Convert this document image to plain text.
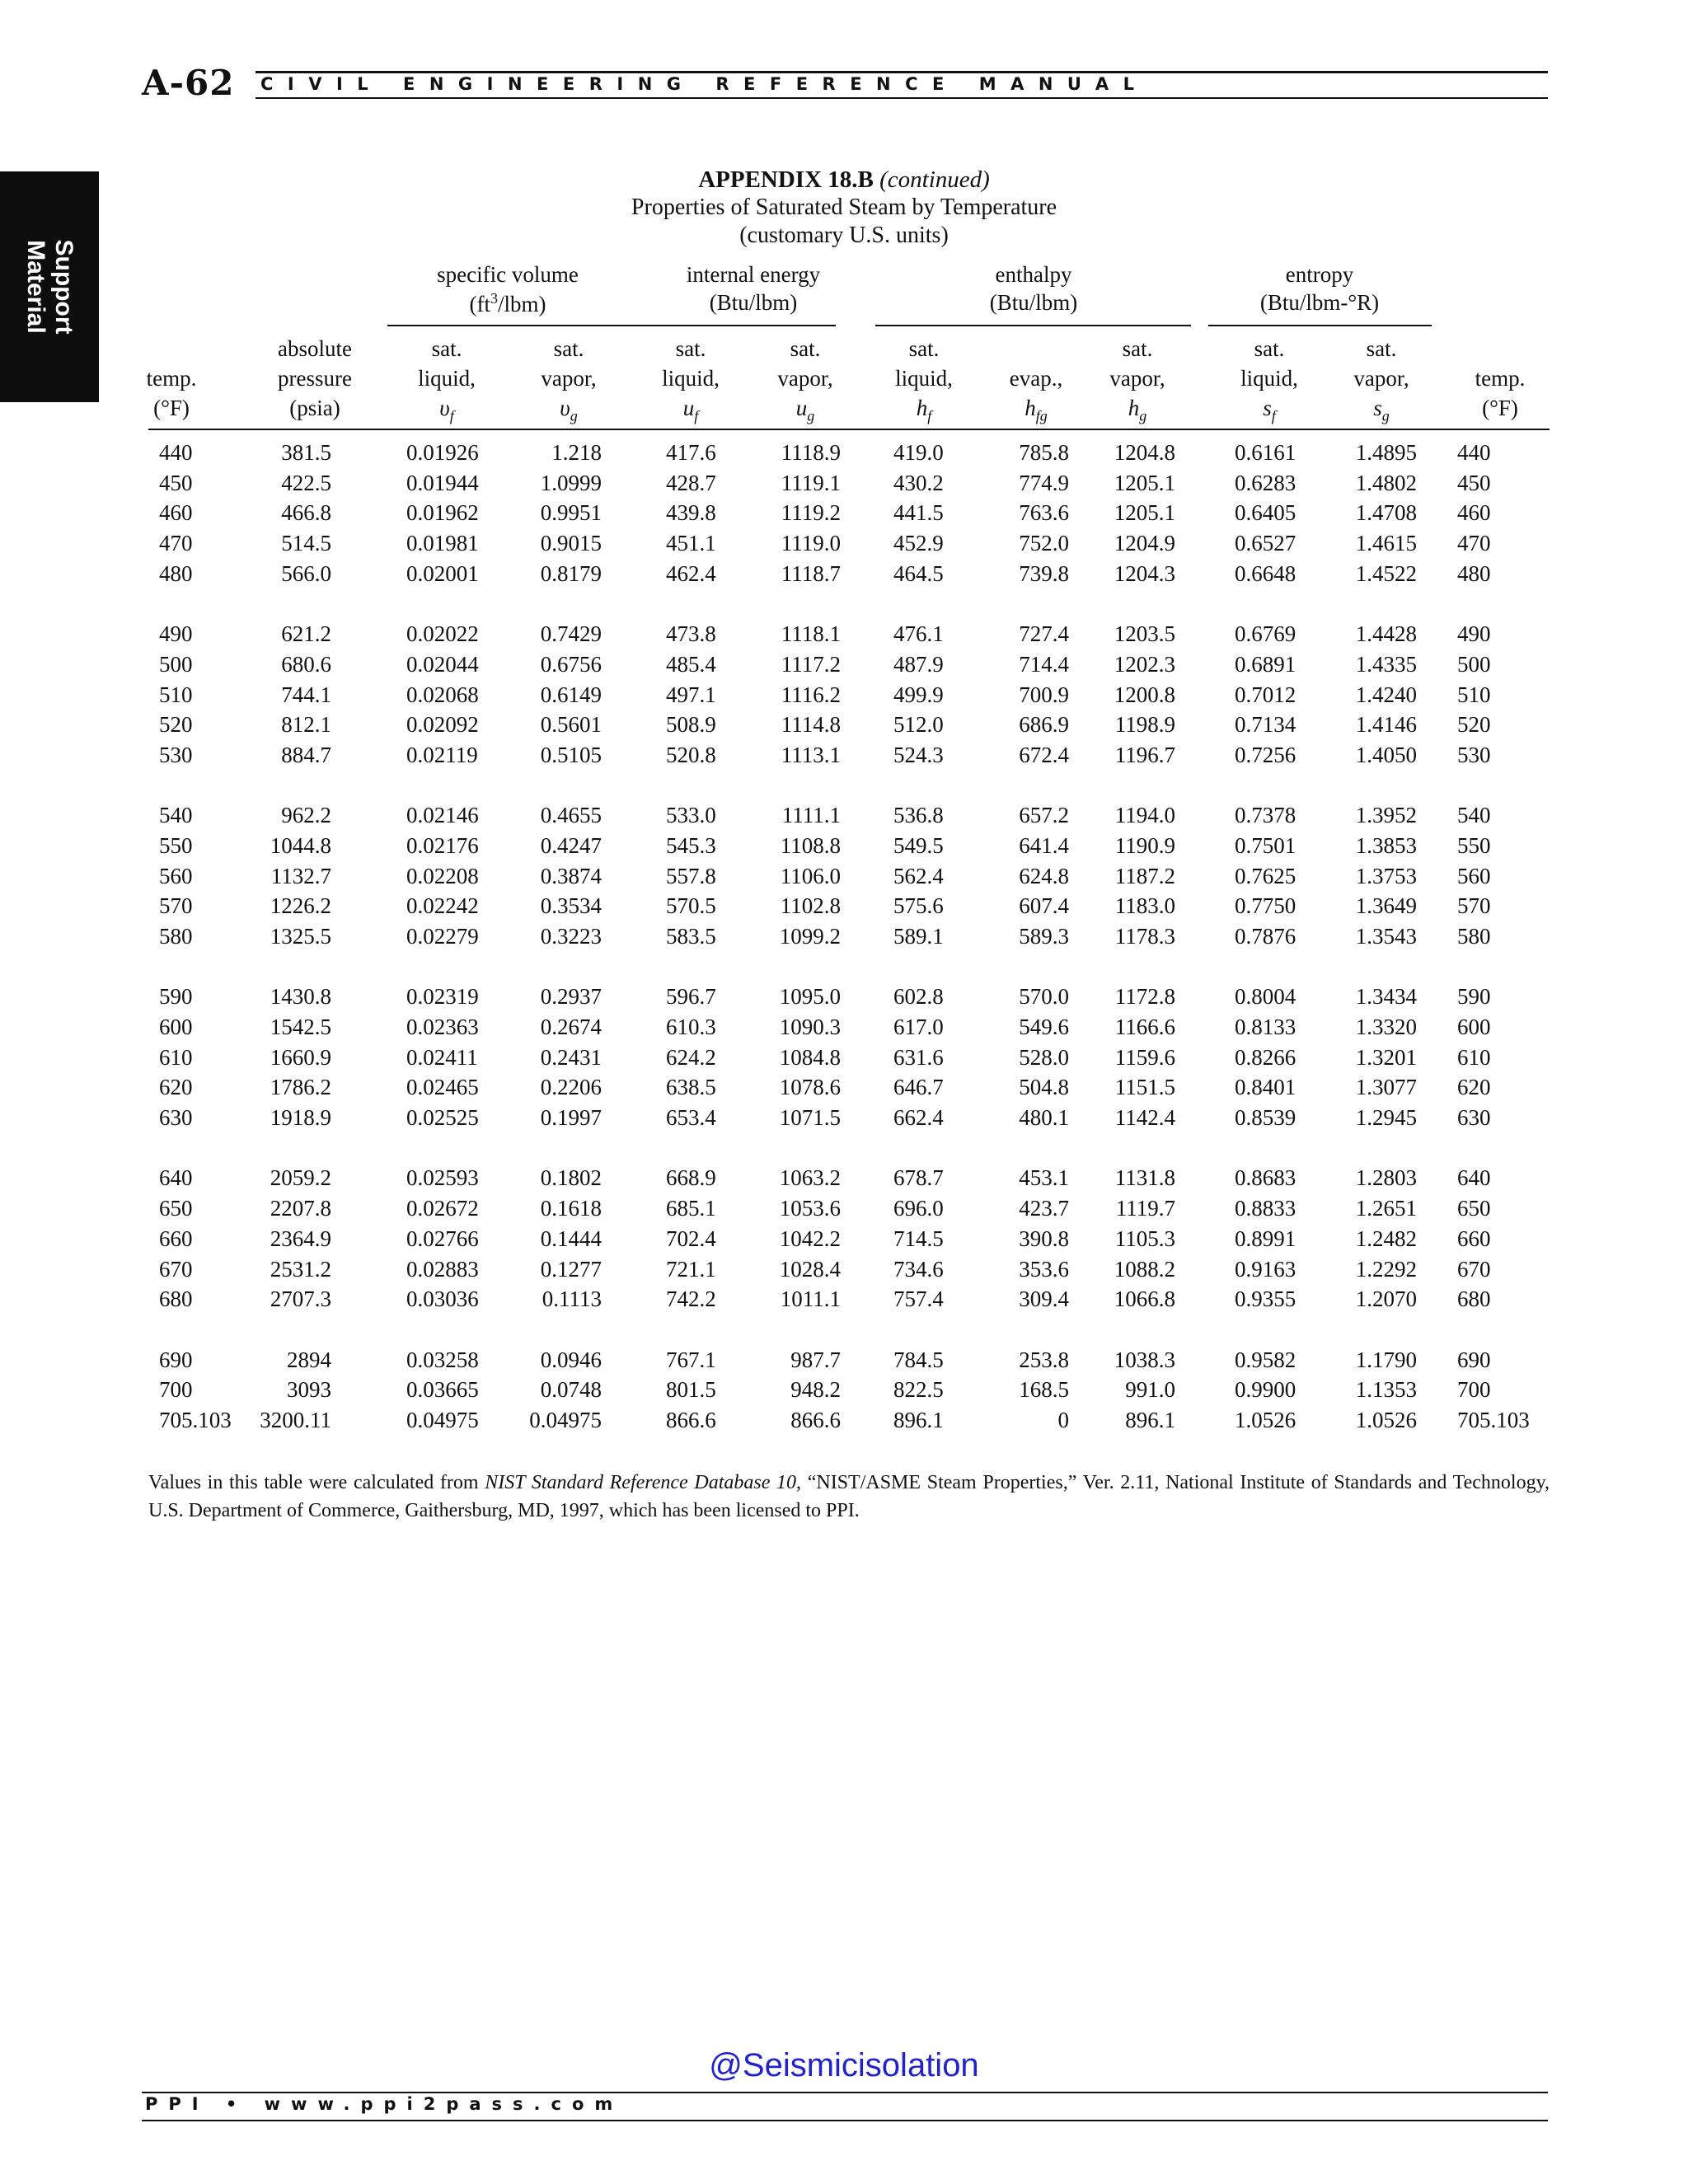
A-62 CIVIL ENGINEERING REFERENCE MANUAL
Support
Material
APPENDIX 18.B (continued)
Properties of Saturated Steam by Temperature
(customary U.S. units)
Values in this table were calculated from NIST Standard Reference Database 10, “NIST/ASME Steam Properties,” Ver. 2.11, National Institute of Standards and Technology, U.S. Department of Commerce, Gaithersburg, MD, 1997, which has been licensed to PPI.
@Seismicisolation
PPI • www.ppi2pass.com
specific volume
$(ft^3/lbm)$
internal energy
(Btu/lbm)
enthalpy
(Btu/lbm)
entropy
(Btu/lbm-°R)
temp.
(°F)
absolute
pressure
(psia)
sat.
liquid,
$\upsilon_f$
sat.
vapor,
$\upsilon_g$
sat.
liquid,
$u_f$
sat.
vapor,
$u_g$
sat.
liquid,
$h_f$
evap.,
$h_{fg}$
sat.
vapor,
$h_g$
sat.
liquid,
$s_f$
sat.
vapor,
$s_g$
temp.
(°F)
440	381.5	0.01926	1.218	417.6	1118.9 419.0	785.8	1204.8	0.6161	1.4895 440
450	422.5	0.01944	1.0999	428.7	1119.1 430.2	774.9	1205.1	0.6283	1.4802 450
460	466.8	0.01962	0.9951	439.8	1119.2 441.5	763.6	1205.1	0.6405	1.4708 460
470	514.5	0.01981	0.9015	451.1	1119.0 452.9	752.0	1204.9	0.6527	1.4615 470
480	566.0	0.02001	0.8179	462.4	1118.7 464.5	739.8	1204.3	0.6648	1.4522 480
490	621.2	0.02022	0.7429	473.8	1118.1 476.1	727.4	1203.5	0.6769	1.4428 490
500	680.6	0.02044	0.6756	485.4	1117.2 487.9	714.4	1202.3	0.6891	1.4335 500
510	744.1	0.02068	0.6149	497.1	1116.2 499.9	700.9	1200.8	0.7012	1.4240 510
520	812.1	0.02092	0.5601	508.9	1114.8 512.0	686.9	1198.9	0.7134	1.4146 520
530	884.7	0.02119	0.5105	520.8	1113.1 524.3	672.4	1196.7	0.7256	1.4050 530
540	962.2	0.02146	0.4655	533.0	1111.1 536.8	657.2	1194.0	0.7378	1.3952 540
550	1044.8	0.02176	0.4247	545.3	1108.8 549.5	641.4	1190.9	0.7501	1.3853 550
560	1132.7	0.02208	0.3874	557.8	1106.0 562.4	624.8	1187.2	0.7625	1.3753 560
570	1226.2	0.02242	0.3534	570.5	1102.8 575.6	607.4	1183.0	0.7750	1.3649 570
580	1325.5	0.02279	0.3223	583.5	1099.2 589.1	589.3	1178.3	0.7876	1.3543 580
590	1430.8	0.02319	0.2937	596.7	1095.0 602.8	570.0	1172.8	0.8004	1.3434 590
600	1542.5	0.02363	0.2674	610.3	1090.3 617.0	549.6	1166.6	0.8133	1.3320 600
610	1660.9	0.02411	0.2431	624.2	1084.8 631.6	528.0	1159.6	0.8266	1.3201 610
620	1786.2	0.02465	0.2206	638.5	1078.6 646.7	504.8	1151.5	0.8401	1.3077 620
630	1918.9	0.02525	0.1997	653.4	1071.5 662.4	480.1	1142.4	0.8539	1.2945 630
640	2059.2	0.02593	0.1802	668.9	1063.2 678.7	453.1	1131.8	0.8683	1.2803 640
650	2207.8	0.02672	0.1618	685.1	1053.6 696.0	423.7	1119.7	0.8833	1.2651 650
660	2364.9	0.02766	0.1444	702.4	1042.2 714.5	390.8	1105.3	0.8991	1.2482 660
670	2531.2	0.02883	0.1277	721.1	1028.4 734.6	353.6	1088.2	0.9163	1.2292 670
680	2707.3	0.03036	0.1113	742.2	1011.1 757.4	309.4	1066.8	0.9355	1.2070 680
690	2894	0.03258	0.0946	767.1	987.7 784.5	253.8	1038.3	0.9582	1.1790 690
700	3093	0.03665	0.0748	801.5	948.2 822.5	168.5	991.0	0.9900	1.1353 700
705.103	3200.11	0.04975	0.04975	866.6	866.6 896.1	0	896.1	1.0526	1.0526 705.103
